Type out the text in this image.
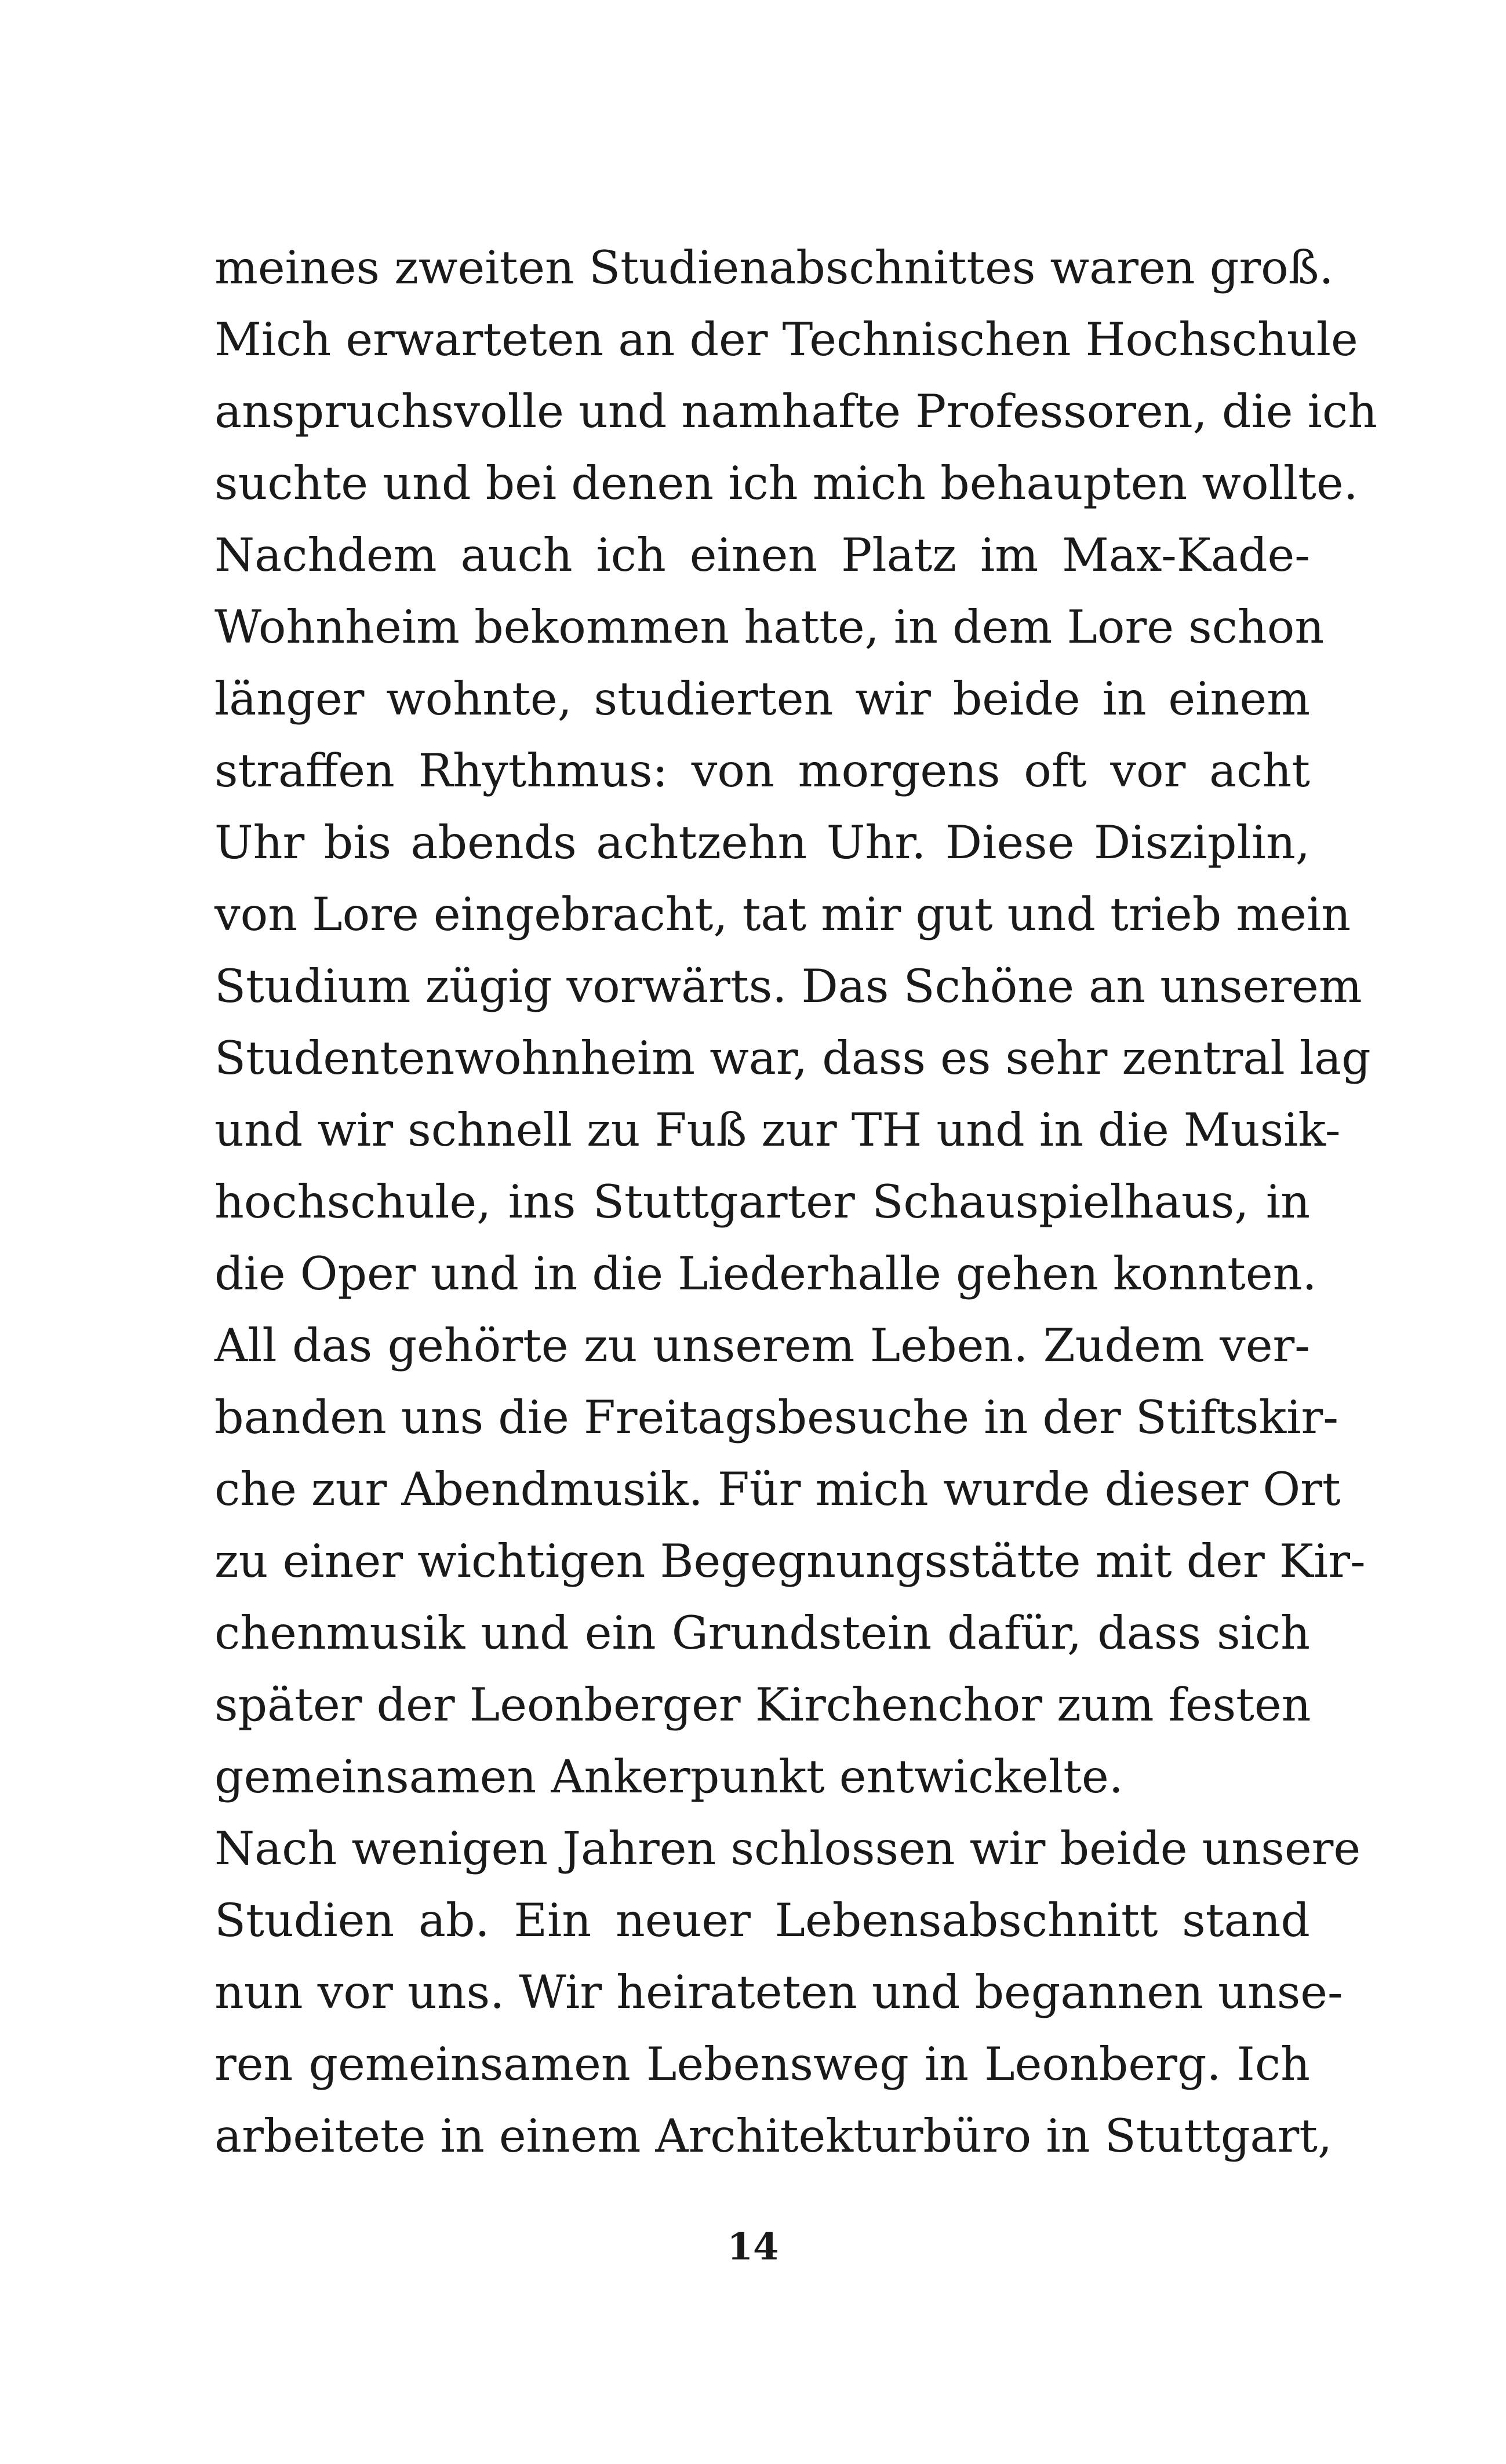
meines zweiten Studienabschnittes waren groß.
Mich erwarteten an der Technischen Hochschule
anspruchsvolle und namhafte Professoren, die ich
suchte und bei denen ich mich behaupten wollte.
Nachdem auch ich einen Platz im Max-Kade-
Wohnheim bekommen hatte, in dem Lore schon
länger wohnte, studierten wir beide in einem
straffen Rhythmus: von morgens oft vor acht
Uhr bis abends achtzehn Uhr. Diese Disziplin,
von Lore eingebracht, tat mir gut und trieb mein
Studium zügig vorwärts. Das Schöne an unserem
Studentenwohnheim war, dass es sehr zentral lag
und wir schnell zu Fuß zur TH und in die Musik-
hochschule, ins Stuttgarter Schauspielhaus, in
die Oper und in die Liederhalle gehen konnten.
All das gehörte zu unserem Leben. Zudem ver-
banden uns die Freitagsbesuche in der Stiftskir-
che zur Abendmusik. Für mich wurde dieser Ort
zu einer wichtigen Begegnungsstätte mit der Kir-
chenmusik und ein Grundstein dafür, dass sich
später der Leonberger Kirchenchor zum festen
gemeinsamen Ankerpunkt entwickelte.
Nach wenigen Jahren schlossen wir beide unsere
Studien ab. Ein neuer Lebensabschnitt stand
nun vor uns. Wir heirateten und begannen unse-
ren gemeinsamen Lebensweg in Leonberg. Ich
arbeitete in einem Architekturbüro in Stuttgart,
14
